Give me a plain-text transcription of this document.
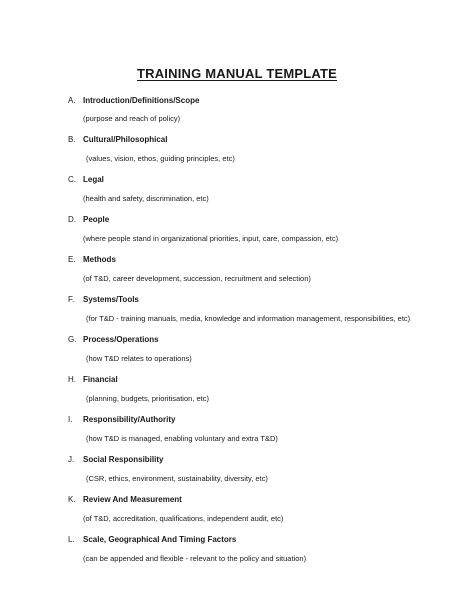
TRAINING MANUAL TEMPLATE
A. Introduction/Definitions/Scope
(purpose and reach of policy)
B. Cultural/Philosophical
(values, vision, ethos, guiding principles, etc)
C. Legal
(health and safety, discrimination, etc)
D. People
(where people stand in organizational priorities, input, care, compassion, etc)
E. Methods
(of T&D, career development, succession, recruitment and selection)
F.	Systems/Tools
(for T&D - training manuals, media, knowledge and information management, responsibilities, etc)
G. Process/Operations
(how T&D relates to operations)
H. Financial
(planning, budgets, prioritisation, etc)
I.	Responsibility/Authority
(how T&D is managed, enabling voluntary and extra T&D)
J.	Social Responsibility
(CSR, ethics, environment, sustainability, diversity, etc)
K. Review And Measurement
(of T&D, accreditation, qualifications, independent audit, etc)
L.	Scale, Geographical And Timing Factors
(can be appended and flexible - relevant to the policy and situation)
